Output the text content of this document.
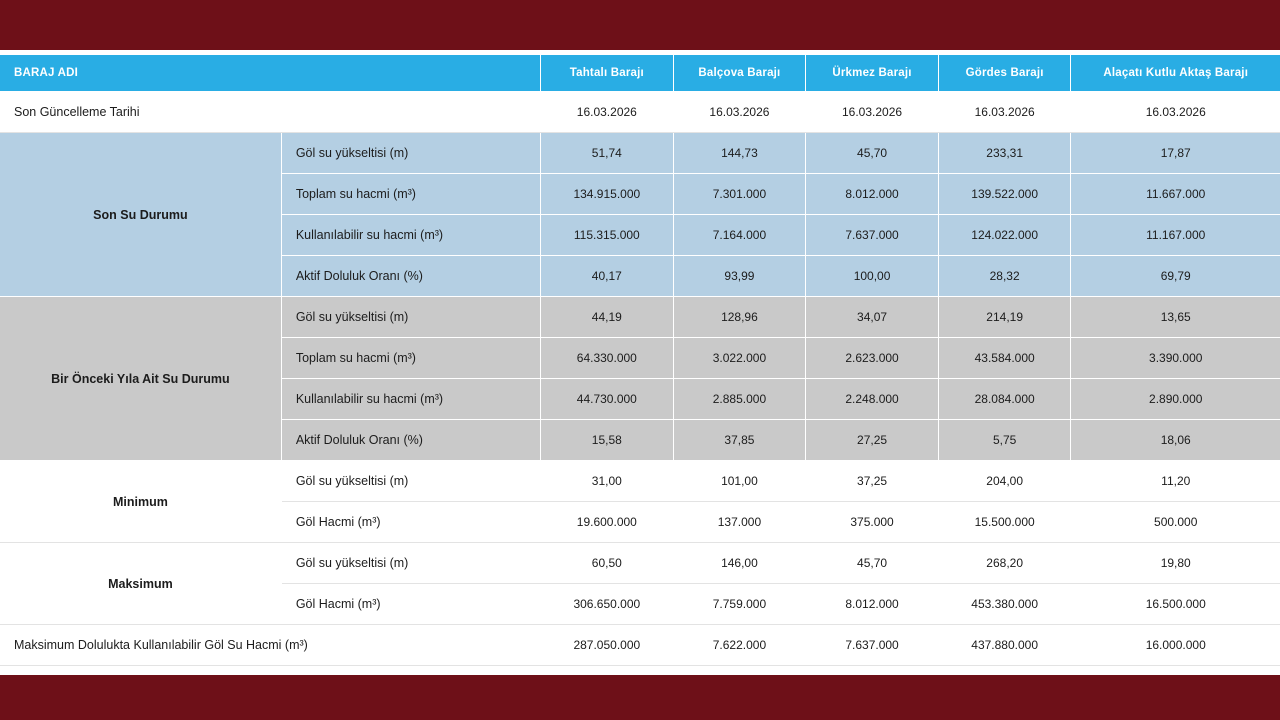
BARAJ ADI		Tahtalı Barajı	Balçova Barajı	Ürkmez Barajı	Gördes Barajı	Alaçatı Kutlu Aktaş Barajı
Son Güncelleme Tarihi		16.03.2026	16.03.2026	16.03.2026	16.03.2026	16.03.2026
Son Su Durumu	Göl su yükseltisi (m)	51,74	144,73	45,70	233,31	17,87
	Toplam su hacmi (m³)	134.915.000	7.301.000	8.012.000	139.522.000	11.667.000
	Kullanılabilir su hacmi (m³)	115.315.000	7.164.000	7.637.000	124.022.000	11.167.000
	Aktif Doluluk Oranı (%)	40,17	93,99	100,00	28,32	69,79
Bir Önceki Yıla Ait Su Durumu	Göl su yükseltisi (m)	44,19	128,96	34,07	214,19	13,65
	Toplam su hacmi (m³)	64.330.000	3.022.000	2.623.000	43.584.000	3.390.000
	Kullanılabilir su hacmi (m³)	44.730.000	2.885.000	2.248.000	28.084.000	2.890.000
	Aktif Doluluk Oranı (%)	15,58	37,85	27,25	5,75	18,06
Minimum	Göl su yükseltisi (m)	31,00	101,00	37,25	204,00	11,20
	Göl Hacmi (m³)	19.600.000	137.000	375.000	15.500.000	500.000
Maksimum	Göl su yükseltisi (m)	60,50	146,00	45,70	268,20	19,80
	Göl Hacmi (m³)	306.650.000	7.759.000	8.012.000	453.380.000	16.500.000
Maksimum Dolulukta Kullanılabilir Göl Su Hacmi (m³)		287.050.000	7.622.000	7.637.000	437.880.000	16.000.000
